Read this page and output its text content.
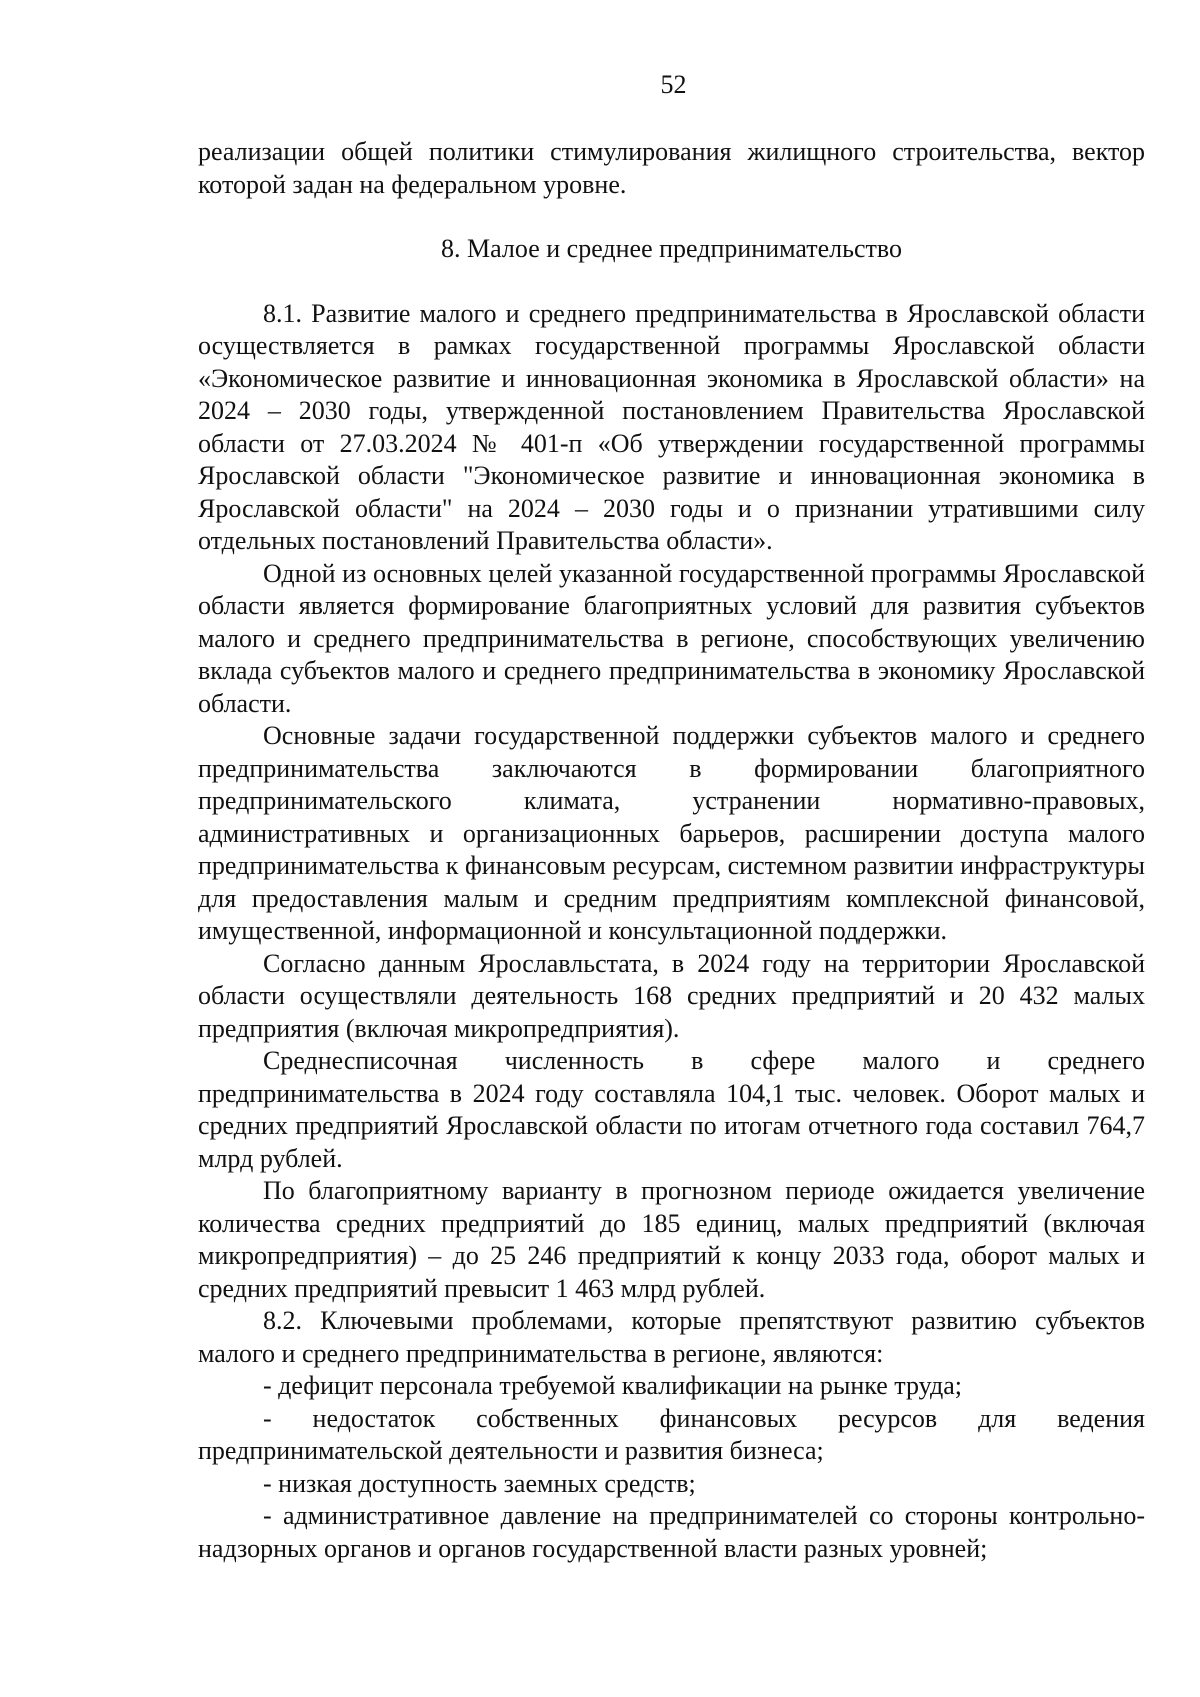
52

реализации общей политики стимулирования жилищного строительства, вектор которой задан на федеральном уровне.

8. Малое и среднее предпринимательство

8.1. Развитие малого и среднего предпринимательства в Ярославской области осуществляется в рамках государственной программы Ярославской области «Экономическое развитие и инновационная экономика в Ярославской области» на 2024 – 2030 годы, утвержденной постановлением Правительства Ярославской области от 27.03.2024 № 401-п «Об утверждении государственной программы Ярославской области "Экономическое развитие и инновационная экономика в Ярославской области" на 2024 – 2030 годы и о признании утратившими силу отдельных постановлений Правительства области».

Одной из основных целей указанной государственной программы Ярославской области является формирование благоприятных условий для развития субъектов малого и среднего предпринимательства в регионе, способствующих увеличению вклада субъектов малого и среднего предпринимательства в экономику Ярославской области.

Основные задачи государственной поддержки субъектов малого и среднего предпринимательства заключаются в формировании благоприятного предпринимательского климата, устранении нормативно-правовых, административных и организационных барьеров, расширении доступа малого предпринимательства к финансовым ресурсам, системном развитии инфраструктуры для предоставления малым и средним предприятиям комплексной финансовой, имущественной, информационной и консультационной поддержки.

Согласно данным Ярославльстата, в 2024 году на территории Ярославской области осуществляли деятельность 168 средних предприятий и 20 432 малых предприятия (включая микропредприятия).

Среднесписочная численность в сфере малого и среднего предпринимательства в 2024 году составляла 104,1 тыс. человек. Оборот малых и средних предприятий Ярославской области по итогам отчетного года составил 764,7 млрд рублей.

По благоприятному варианту в прогнозном периоде ожидается увеличение количества средних предприятий до 185 единиц, малых предприятий (включая микропредприятия) – до 25 246 предприятий к концу 2033 года, оборот малых и средних предприятий превысит 1 463 млрд рублей.

8.2. Ключевыми проблемами, которые препятствуют развитию субъектов малого и среднего предпринимательства в регионе, являются:

- дефицит персонала требуемой квалификации на рынке труда;

- недостаток собственных финансовых ресурсов для ведения предпринимательской деятельности и развития бизнеса;

- низкая доступность заемных средств;

- административное давление на предпринимателей со стороны контрольно-надзорных органов и органов государственной власти разных уровней;
